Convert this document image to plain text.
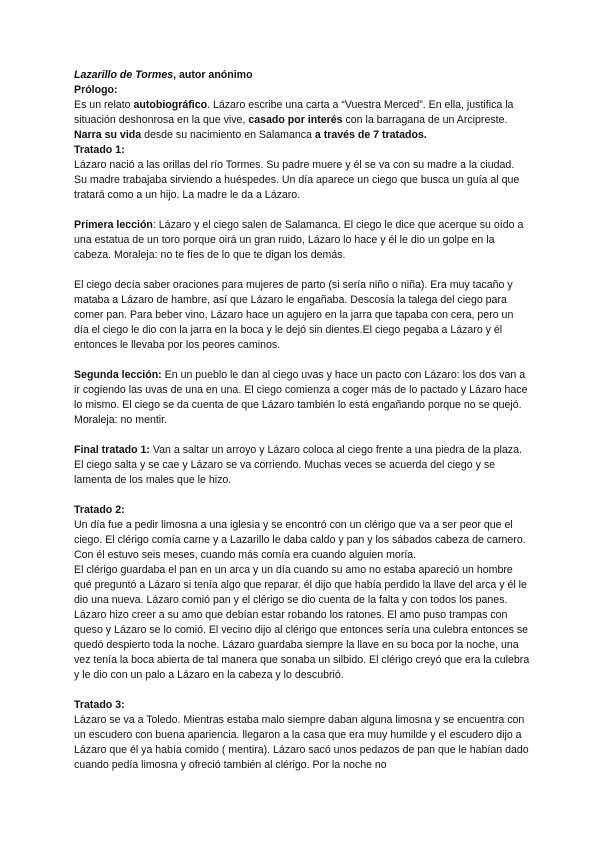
Lazarillo de Tormes, autor anónimo

Prólogo:

Es un relato autobiográfico. Lázaro escribe una carta a “Vuestra Merced”. En ella, justifica la situación deshonrosa en la que vive, casado por interés con la barragana de un Arcipreste. Narra su vida desde su nacimiento en Salamanca a través de 7 tratados.

Tratado 1:

Lázaro nació a las orillas del río Tormes. Su padre muere y él se va con su madre a la ciudad. Su madre trabajaba sirviendo a huéspedes. Un día aparece un ciego que busca un guía al que tratará como a un hijo. La madre le da a Lázaro.

Primera lección: Lázaro y el ciego salen de Salamanca. El ciego le dice que acerque su oído a una estatua de un toro porque oirá un gran ruido, Lázaro lo hace y él le dio un golpe en la cabeza. Moraleja: no te fíes de lo que te digan los demás.

El ciego decía saber oraciones para mujeres de parto (si sería niño o niña). Era muy tacaño y mataba a Lázaro de hambre, así que Lázaro le engañaba. Descosía la talega del ciego para comer pan. Para beber vino, Lázaro hace un agujero en la jarra que tapaba con cera, pero un día el ciego le dio con la jarra en la boca y le dejó sin dientes.El ciego pegaba a Lázaro y él entonces le llevaba por los peores caminos.

Segunda lección: En un pueblo le dan al ciego uvas y hace un pacto con Lázaro: los dos van a ir cogiendo las uvas de una en una. El ciego comienza a coger más de lo pactado y Lázaro hace lo mismo. El ciego se da cuenta de que Lázaro también lo está engañando porque no se quejó. Moraleja: no mentir.

Final tratado 1: Van a saltar un arroyo y Lázaro coloca al ciego frente a una piedra de la plaza. El ciego salta y se cae y Lázaro se va corriendo. Muchas veces se acuerda del ciego y se lamenta de los males que le hizo.

Tratado 2:

Un día fue a pedir limosna a una iglesia y se encontró con un clérigo que va a ser peor que el ciego. El clérigo comía carne y a Lazarillo le daba caldo y pan y los sábados cabeza de carnero. Con él estuvo seis meses, cuando más comía era cuando alguien moría.

El clérigo guardaba el pan en un arca y un día cuando su amo no estaba apareció un hombre qué preguntó a Lázaro si tenía algo que reparar. él dijo que había perdido la llave del arca y él le dio una nueva. Lázaro comió pan y el clérigo se dio cuenta de la falta y con todos los panes. Lázaro hizo creer a su amo que debían estar robando los ratones. El amo puso trampas con queso y Lázaro se lo comió. El vecino dijo al clérigo que entonces sería una culebra entonces se quedó despierto toda la noche. Lázaro guardaba siempre la llave en su boca por la noche, una vez tenía la boca abierta de tal manera que sonaba un silbido. El clérigo creyó que era la culebra y le dio con un palo a Lázaro en la cabeza y lo descubrió.

Tratado 3:

Lázaro se va a Toledo. Mientras estaba malo siempre daban alguna limosna y se encuentra con un escudero con buena apariencia. llegaron a la casa que era muy humilde y el escudero dijo a Lázaro que él ya había comido ( mentira). Lázaro sacó unos pedazos de pan que le habían dado cuando pedía limosna y ofreció también al clérigo. Por la noche no
